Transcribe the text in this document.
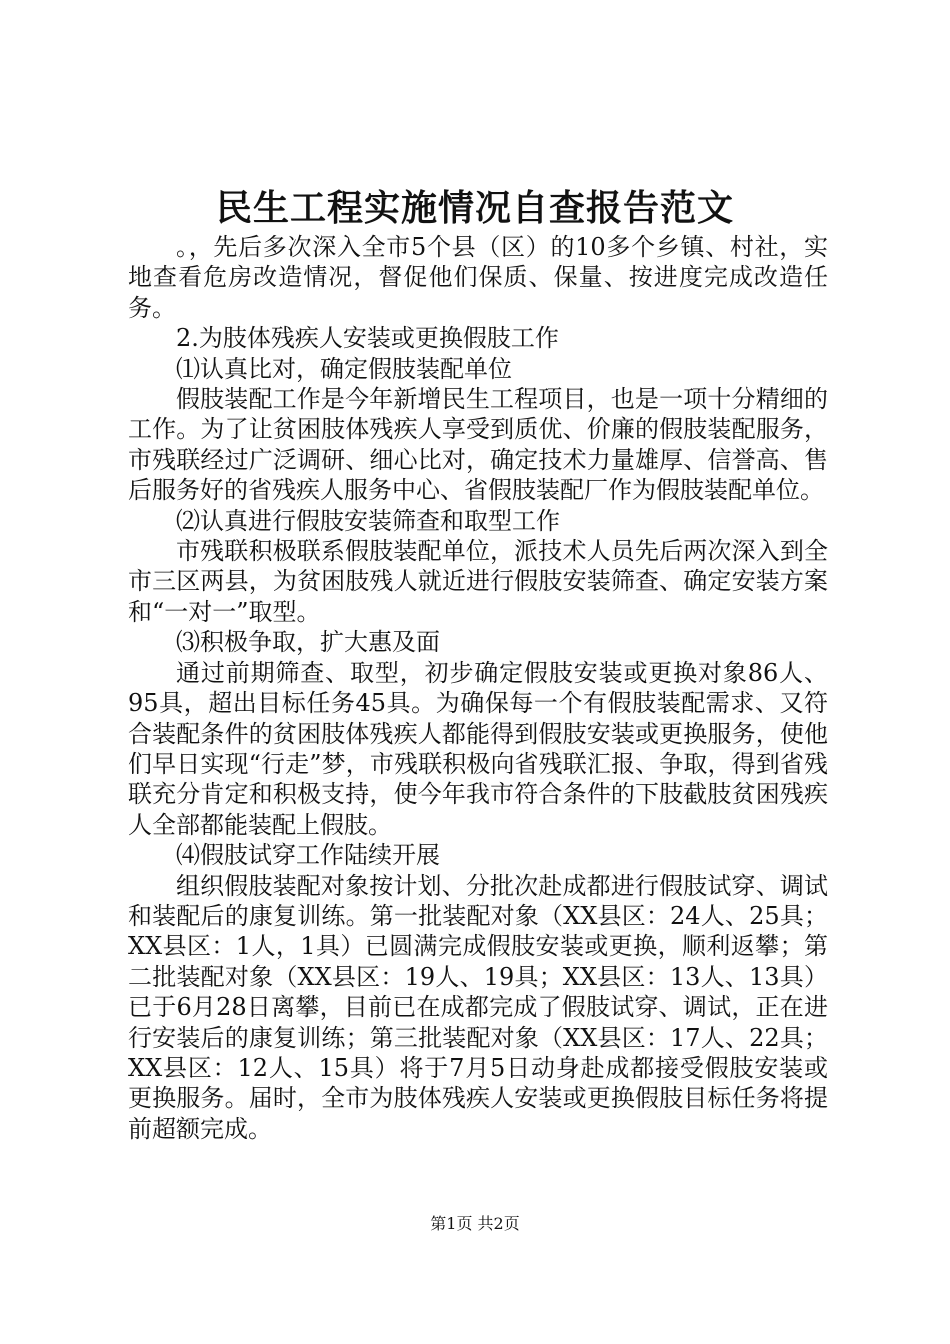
民生工程实施情况自查报告范文

。，先后多次深入全市5个县（区）的10多个乡镇、村社，实地查看危房改造情况，督促他们保质、保量、按进度完成改造任务。

2.为肢体残疾人安装或更换假肢工作

⑴认真比对，确定假肢装配单位

假肢装配工作是今年新增民生工程项目，也是一项十分精细的工作。为了让贫困肢体残疾人享受到质优、价廉的假肢装配服务，市残联经过广泛调研、细心比对，确定技术力量雄厚、信誉高、售后服务好的省残疾人服务中心、省假肢装配厂作为假肢装配单位。

⑵认真进行假肢安装筛查和取型工作

市残联积极联系假肢装配单位，派技术人员先后两次深入到全市三区两县，为贫困肢残人就近进行假肢安装筛查、确定安装方案和“一对一”取型。

⑶积极争取，扩大惠及面

通过前期筛查、取型，初步确定假肢安装或更换对象86人、95具，超出目标任务45具。为确保每一个有假肢装配需求、又符合装配条件的贫困肢体残疾人都能得到假肢安装或更换服务，使他们早日实现“行走”梦，市残联积极向省残联汇报、争取，得到省残联充分肯定和积极支持，使今年我市符合条件的下肢截肢贫困残疾人全部都能装配上假肢。

⑷假肢试穿工作陆续开展

组织假肢装配对象按计划、分批次赴成都进行假肢试穿、调试和装配后的康复训练。第一批装配对象（XX县区：24人、25具；XX县区：1人，1具）已圆满完成假肢安装或更换，顺利返攀；第二批装配对象（XX县区：19人、19具；XX县区：13人、13具）已于6月28日离攀，目前已在成都完成了假肢试穿、调试，正在进行安装后的康复训练；第三批装配对象（XX县区：17人、22具；XX县区：12人、15具）将于7月5日动身赴成都接受假肢安装或更换服务。届时，全市为肢体残疾人安装或更换假肢目标任务将提前超额完成。

第1页 共2页
